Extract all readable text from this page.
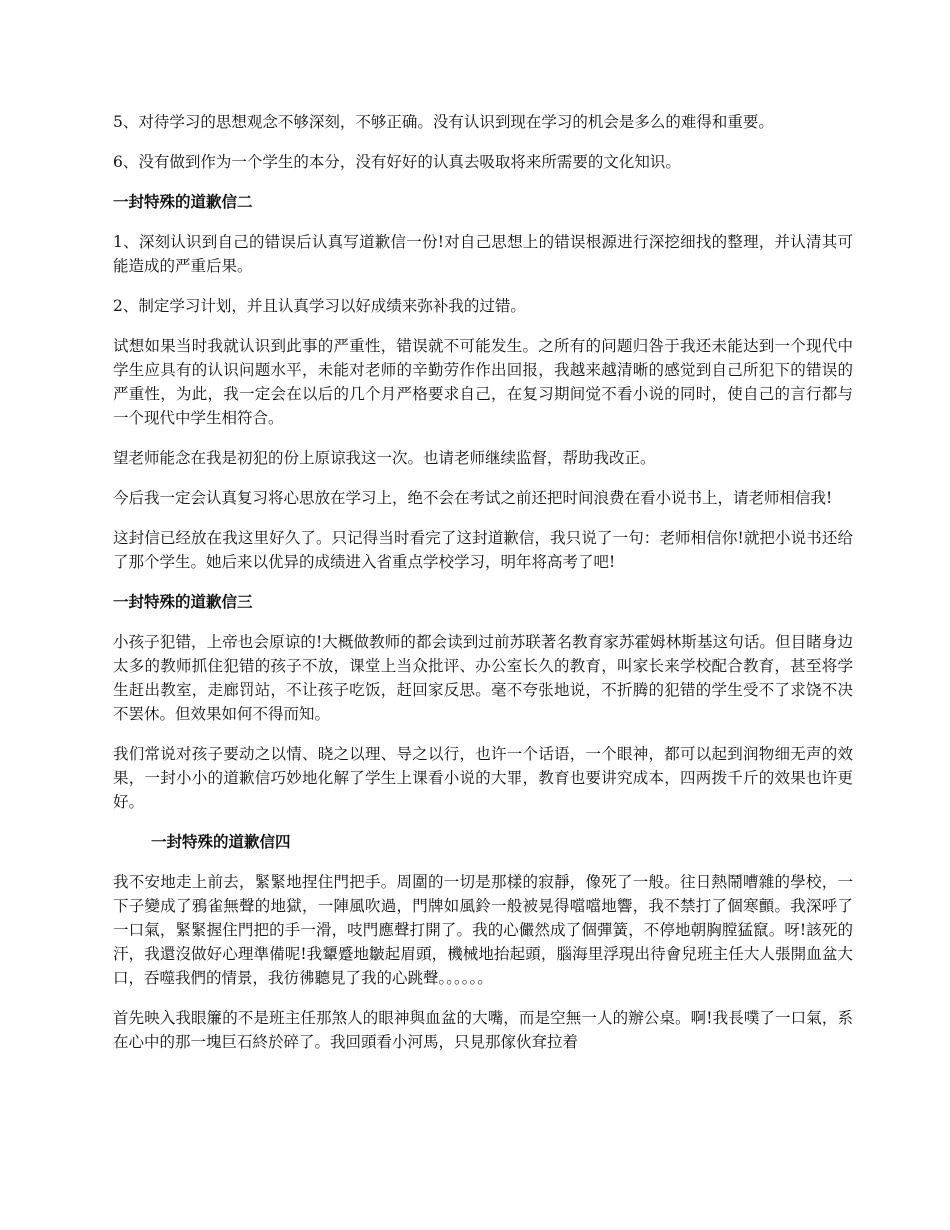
5、对待学习的思想观念不够深刻，不够正确。没有认识到现在学习的机会是多么的难得和重要。

6、没有做到作为一个学生的本分，没有好好的认真去吸取将来所需要的文化知识。

一封特殊的道歉信二

1、深刻认识到自己的错误后认真写道歉信一份!对自己思想上的错误根源进行深挖细找的整理，并认清其可能造成的严重后果。

2、制定学习计划，并且认真学习以好成绩来弥补我的过错。

试想如果当时我就认识到此事的严重性，错误就不可能发生。之所有的问题归咎于我还未能达到一个现代中学生应具有的认识问题水平，未能对老师的辛勤劳作作出回报，我越来越清晰的感觉到自己所犯下的错误的严重性，为此，我一定会在以后的几个月严格要求自己，在复习期间觉不看小说的同时，使自己的言行都与一个现代中学生相符合。

望老师能念在我是初犯的份上原谅我这一次。也请老师继续监督，帮助我改正。

今后我一定会认真复习将心思放在学习上，绝不会在考试之前还把时间浪费在看小说书上，请老师相信我!

这封信已经放在我这里好久了。只记得当时看完了这封道歉信，我只说了一句：老师相信你!就把小说书还给了那个学生。她后来以优异的成绩进入省重点学校学习，明年将高考了吧!

一封特殊的道歉信三

小孩子犯错，上帝也会原谅的!大概做教师的都会读到过前苏联著名教育家苏霍姆林斯基这句话。但目睹身边太多的教师抓住犯错的孩子不放，课堂上当众批评、办公室长久的教育，叫家长来学校配合教育，甚至将学生赶出教室，走廊罚站，不让孩子吃饭，赶回家反思。毫不夸张地说，不折腾的犯错的学生受不了求饶不决不罢休。但效果如何不得而知。

我们常说对孩子要动之以情、晓之以理、导之以行，也许一个话语，一个眼神，都可以起到润物细无声的效果，一封小小的道歉信巧妙地化解了学生上课看小说的大罪，教育也要讲究成本，四两拨千斤的效果也许更好。

一封特殊的道歉信四

我不安地走上前去，緊緊地捏住門把手。周圍的一切是那樣的寂靜，像死了一般。往日熱鬧嘈雜的學校，一下子變成了鴉雀無聲的地獄，一陣風吹過，門牌如風鈴一般被晃得噹噹地響，我不禁打了個寒顫。我深呼了一口氣，緊緊握住門把的手一滑，吱門應聲打開了。我的心儼然成了個彈簧，不停地朝胸膛猛竄。呀!該死的汗，我還沒做好心理準備呢!我顰蹙地皺起眉頭，機械地抬起頭，腦海里浮現出待會兒班主任大人張開血盆大口，吞噬我們的情景，我彷彿聽見了我的心跳聲。。。。。。

首先映入我眼簾的不是班主任那煞人的眼神與血盆的大嘴，而是空無一人的辦公桌。啊!我長噗了一口氣，系在心中的那一塊巨石終於碎了。我回頭看小河馬，只見那傢伙耷拉着
